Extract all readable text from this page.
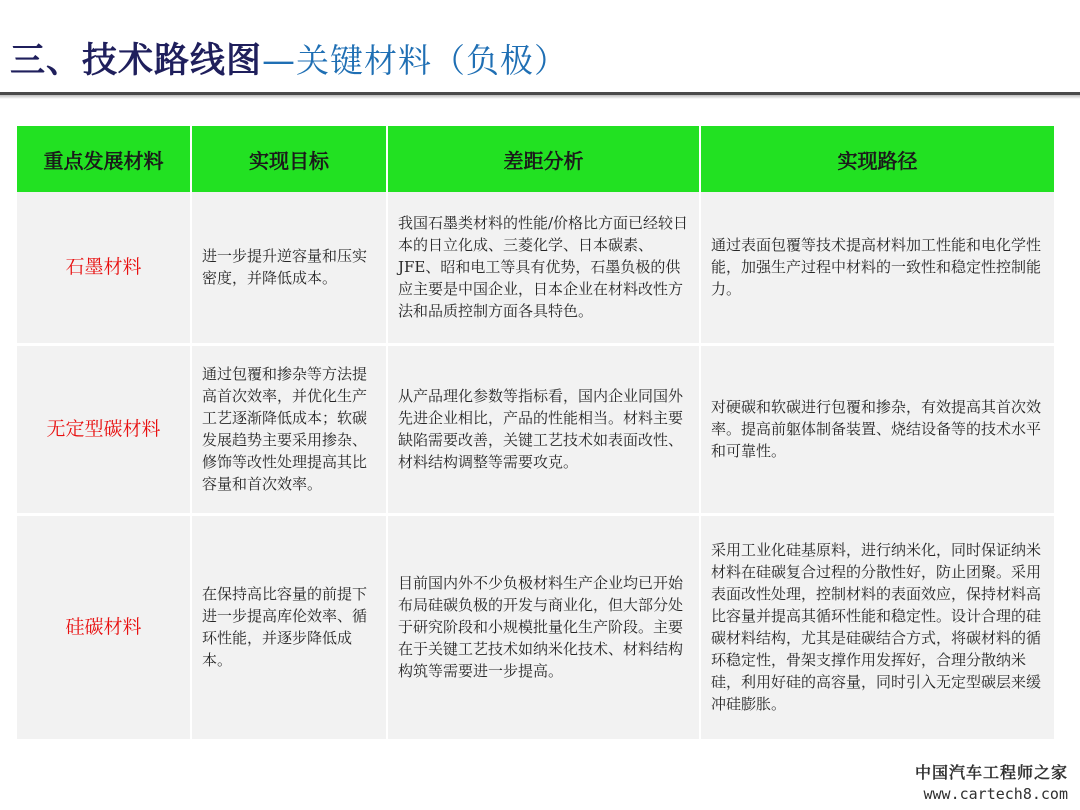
三、技术路线图 —关键材料（负极）
重点发展材料	实现目标	差距分析	实现路径
石墨材料	进一步提升逆容量和压实密度，并降低成本。	我国石墨类材料的性能/价格比方面已经较日本的日立化成、三菱化学、日本碳素、JFE、昭和电工等具有优势，石墨负极的供应主要是中国企业，日本企业在材料改性方法和品质控制方面各具特色。	通过表面包覆等技术提高材料加工性能和电化学性能，加强生产过程中材料的一致性和稳定性控制能力。
无定型碳材料	通过包覆和掺杂等方法提高首次效率，并优化生产工艺逐渐降低成本；软碳发展趋势主要采用掺杂、修饰等改性处理提高其比容量和首次效率。	从产品理化参数等指标看，国内企业同国外先进企业相比，产品的性能相当。材料主要缺陷需要改善，关键工艺技术如表面改性、材料结构调整等需要攻克。	对硬碳和软碳进行包覆和掺杂，有效提高其首次效率。提高前躯体制备装置、烧结设备等的技术水平和可靠性。
硅碳材料	在保持高比容量的前提下进一步提高库伦效率、循环性能，并逐步降低成本。	目前国内外不少负极材料生产企业均已开始布局硅碳负极的开发与商业化，但大部分处于研究阶段和小规模批量化生产阶段。主要在于关键工艺技术如纳米化技术、材料结构构筑等需要进一步提高。	采用工业化硅基原料，进行纳米化，同时保证纳米材料在硅碳复合过程的分散性好，防止团聚。采用表面改性处理，控制材料的表面效应，保持材料高比容量并提高其循环性能和稳定性。设计合理的硅碳材料结构，尤其是硅碳结合方式，将碳材料的循环稳定性，骨架支撑作用发挥好，合理分散纳米硅，利用好硅的高容量，同时引入无定型碳层来缓冲硅膨胀。
中国汽车工程师之家
www.cartech8.com
